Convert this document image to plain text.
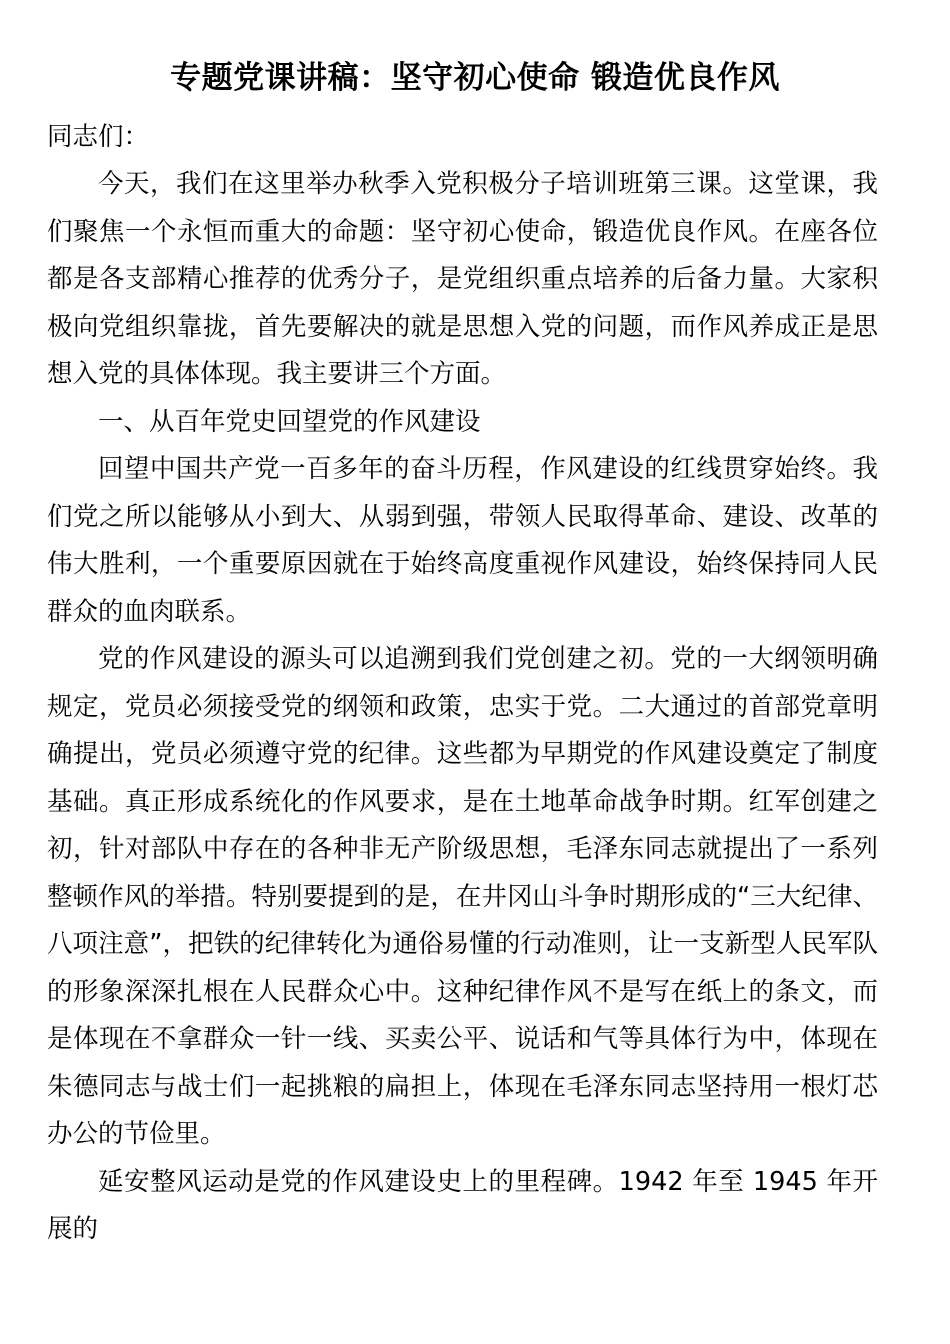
专题党课讲稿：坚守初心使命 锻造优良作风

同志们：

今天，我们在这里举办秋季入党积极分子培训班第三课。这堂课，我们聚焦一个永恒而重大的命题：坚守初心使命，锻造优良作风。在座各位都是各支部精心推荐的优秀分子，是党组织重点培养的后备力量。大家积极向党组织靠拢，首先要解决的就是思想入党的问题，而作风养成正是思想入党的具体体现。我主要讲三个方面。

一、从百年党史回望党的作风建设

回望中国共产党一百多年的奋斗历程，作风建设的红线贯穿始终。我们党之所以能够从小到大、从弱到强，带领人民取得革命、建设、改革的伟大胜利，一个重要原因就在于始终高度重视作风建设，始终保持同人民群众的血肉联系。

党的作风建设的源头可以追溯到我们党创建之初。党的一大纲领明确规定，党员必须接受党的纲领和政策，忠实于党。二大通过的首部党章明确提出，党员必须遵守党的纪律。这些都为早期党的作风建设奠定了制度基础。真正形成系统化的作风要求，是在土地革命战争时期。红军创建之初，针对部队中存在的各种非无产阶级思想，毛泽东同志就提出了一系列整顿作风的举措。特别要提到的是，在井冈山斗争时期形成的“三大纪律、八项注意”，把铁的纪律转化为通俗易懂的行动准则，让一支新型人民军队的形象深深扎根在人民群众心中。这种纪律作风不是写在纸上的条文，而是体现在不拿群众一针一线、买卖公平、说话和气等具体行为中，体现在朱德同志与战士们一起挑粮的扁担上，体现在毛泽东同志坚持用一根灯芯办公的节俭里。

延安整风运动是党的作风建设史上的里程碑。1942 年至 1945 年开展的
